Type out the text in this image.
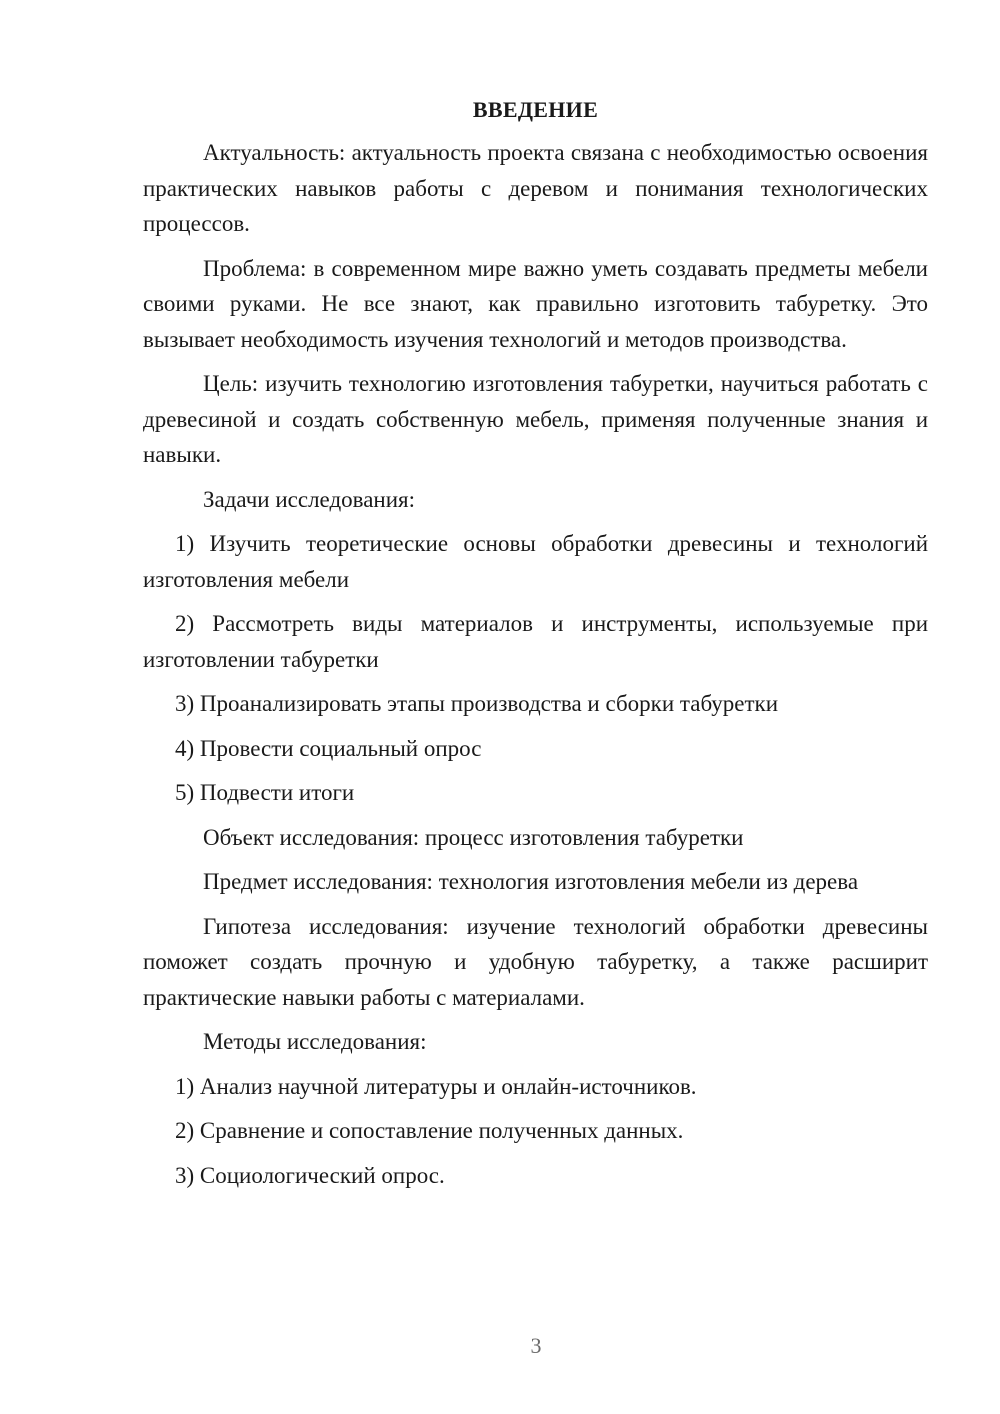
ВВЕДЕНИЕ

Актуальность: актуальность проекта связана с необходимостью освоения практических навыков работы с деревом и понимания технологических процессов.

Проблема: в современном мире важно уметь создавать предметы мебели своими руками. Не все знают, как правильно изготовить табуретку. Это вызывает необходимость изучения технологий и методов производства.

Цель: изучить технологию изготовления табуретки, научиться работать с древесиной и создать собственную мебель, применяя полученные знания и навыки.

Задачи исследования:

1) Изучить теоретические основы обработки древесины и технологий изготовления мебели

2) Рассмотреть виды материалов и инструменты, используемые при изготовлении табуретки

3) Проанализировать этапы производства и сборки табуретки

4) Провести социальный опрос

5) Подвести итоги

Объект исследования: процесс изготовления табуретки

Предмет исследования: технология изготовления мебели из дерева

Гипотеза исследования: изучение технологий обработки древесины поможет создать прочную и удобную табуретку, а также расширит практические навыки работы с материалами.

Методы исследования:

1) Анализ научной литературы и онлайн-источников.

2) Сравнение и сопоставление полученных данных.

3) Социологический опрос.

3
